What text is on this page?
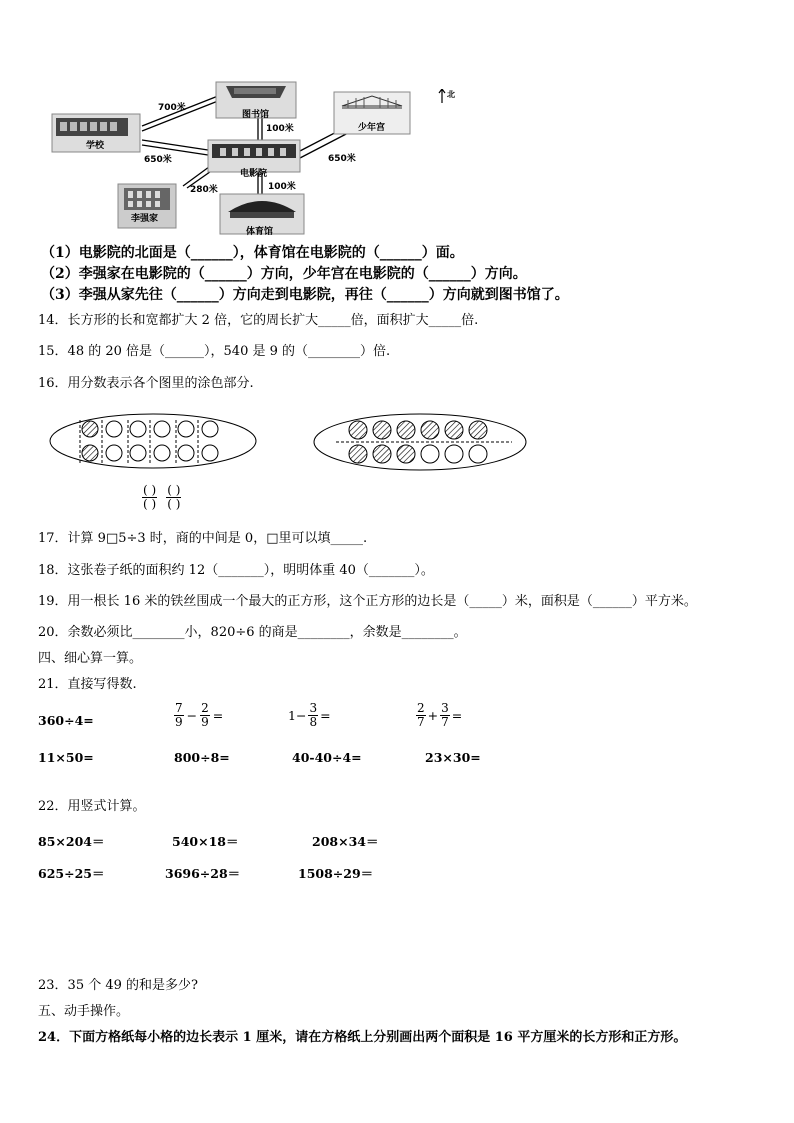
700米
图书馆
100米	少年宫
学校
650米
电影院
650米
280米	100米
李强家
体育馆
北
（1）电影院的北面是（______），体育馆在电影院的（______）面。
（2）李强家在电影院的（______）方向，少年宫在电影院的（______）方向。
（3）李强从家先往（______）方向走到电影院，再往（______）方向就到图书馆了。
14．长方形的长和宽都扩大 2 倍，它的周长扩大_____倍，面积扩大_____倍.
15．48 的 20 倍是（______），540 是 9 的（________）倍.
16．用分数表示各个图里的涂色部分.
$\frac{( )}{( )}$
$\frac{( )}{( )}$
17．计算 9□5÷3 时，商的中间是 0，□里可以填_____.
18．这张卷子纸的面积约 12（_______），明明体重 40（_______）。
19．用一根长 16 米的铁丝围成一个最大的正方形，这个正方形的边长是（_____）米，面积是（______）平方米。
20．余数必须比________小，820÷6 的商是________，余数是________。
四、细心算一算。
21．直接写得数.
360÷4=	$\frac{7}{9} - \frac{2}{9}$ =	$1- \frac{3}{8}$ =	$\frac{2}{7} + \frac{3}{7}$ =
11×50=	800÷8=	40-40÷4=	23×30=
22．用竖式计算。
85×204＝	540×18＝	208×34＝
625÷25＝	3696÷28＝	1508÷29＝
23．35 个 49 的和是多少?
五、动手操作。
24．下面方格纸每小格的边长表示 1 厘米，请在方格纸上分别画出两个面积是 16 平方厘米的长方形和正方形。
